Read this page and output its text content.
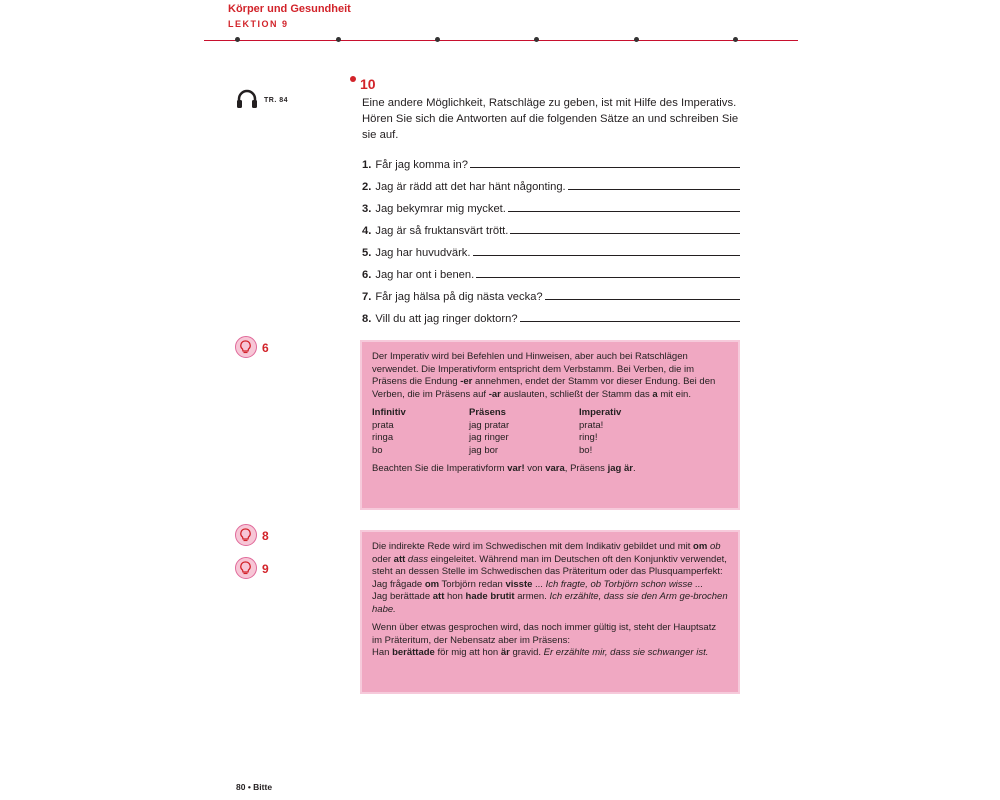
Körper und Gesundheit
LEKTION 9
TR. 84
10
Eine andere Möglichkeit, Ratschläge zu geben, ist mit Hilfe des Imperativs. Hören Sie sich die Antworten auf die folgenden Sätze an und schreiben Sie sie auf.
1. Får jag komma in?
2. Jag är rädd att det har hänt någonting.
3. Jag bekymrar mig mycket.
4. Jag är så fruktansvärt trött.
5. Jag har huvudvärk.
6. Jag har ont i benen.
7. Får jag hälsa på dig nästa vecka?
8. Vill du att jag ringer doktorn?
6
8
9

Der Imperativ wird bei Befehlen und Hinweisen, aber auch bei Ratschlägen verwendet. Die Imperativform entspricht dem Verbstamm. Bei Verben, die im Präsens die Endung -er annehmen, endet der Stamm vor dieser Endung. Bei den Verben, die im Präsens auf -ar auslauten, schließt der Stamm das a mit ein.

Infinitiv	Präsens	Imperativ
prata	jag pratar	prata!
ringa	jag ringer	ring!
bo	jag bor	bo!

Beachten Sie die Imperativform var! von vara, Präsens jag är.

Die indirekte Rede wird im Schwedischen mit dem Indikativ gebildet und mit om ob oder att dass eingeleitet. Während man im Deutschen oft den Konjunktiv verwendet, steht an dessen Stelle im Schwedischen das Präteritum oder das Plusquamperfekt:

Jag frågade om Torbjörn redan visste ... Ich fragte, ob Torbjörn schon wisse ...

Jag berättade att hon hade brutit armen. Ich erzählte, dass sie den Arm ge-brochen habe.

Wenn über etwas gesprochen wird, das noch immer gültig ist, steht der Hauptsatz im Präteritum, der Nebensatz aber im Präsens:

Han berättade för mig att hon är gravid. Er erzählte mir, dass sie schwanger ist.

80 • Bitte
